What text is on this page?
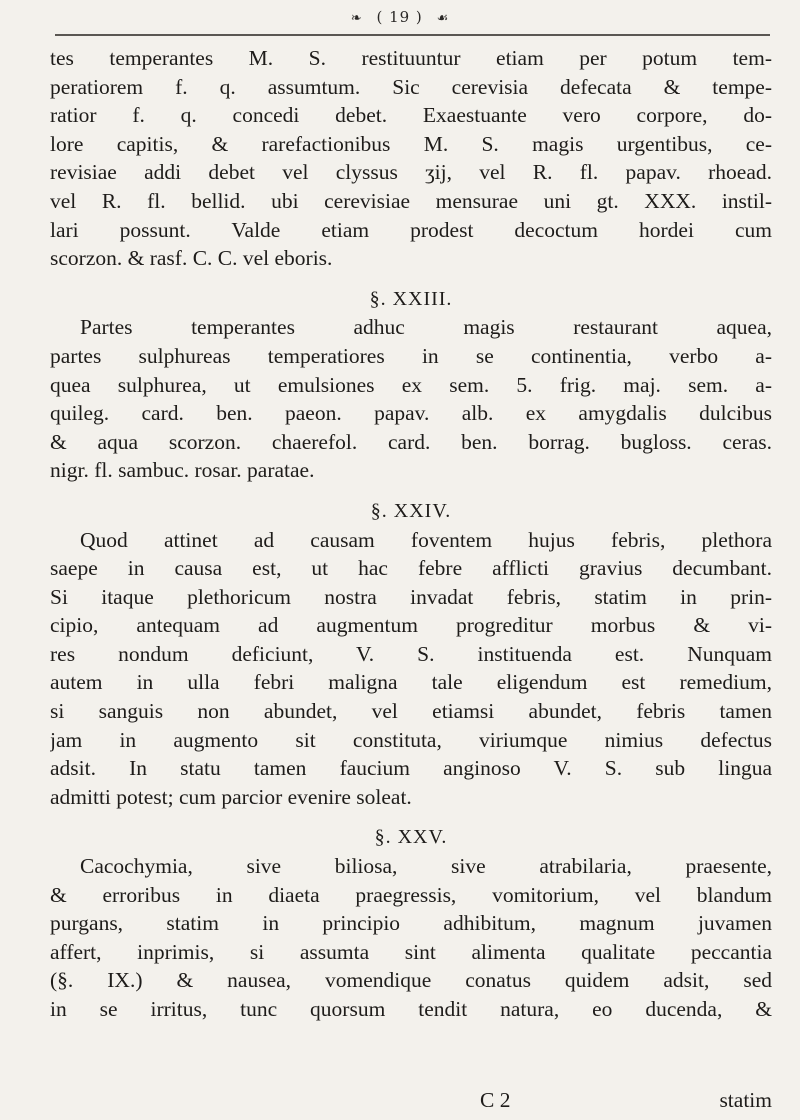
❧ ( 19 ) ☙
tes temperantes M. S. restituuntur etiam per potum tem-
peratiorem f. q. assumtum. Sic cerevisia defecata & tempe-
ratior f. q. concedi debet. Exaestuante vero corpore, do-
lore capitis, & rarefactionibus M. S. magis urgentibus, ce-
revisiae addi debet vel clyssus ʒij, vel R. fl. papav. rhoead.
vel R. fl. bellid. ubi cerevisiae mensurae uni gt. XXX. instil-
lari possunt. Valde etiam prodest decoctum hordei cum
scorzon. & rasf. C. C. vel eboris.
§. XXIII.
Partes temperantes adhuc magis restaurant aquea,
partes sulphureas temperatiores in se continentia, verbo a-
quea sulphurea, ut emulsiones ex sem. 5. frig. maj. sem. a-
quileg. card. ben. paeon. papav. alb. ex amygdalis dulcibus
& aqua scorzon. chaerefol. card. ben. borrag. bugloss. ceras.
nigr. fl. sambuc. rosar. paratae.
§. XXIV.
Quod attinet ad causam foventem hujus febris, plethora
saepe in causa est, ut hac febre afflicti gravius decumbant.
Si itaque plethoricum nostra invadat febris, statim in prin-
cipio, antequam ad augmentum progreditur morbus & vi-
res nondum deficiunt, V. S. instituenda est. Nunquam
autem in ulla febri maligna tale eligendum est remedium,
si sanguis non abundet, vel etiamsi abundet, febris tamen
jam in augmento sit constituta, viriumque nimius defectus
adsit. In statu tamen faucium anginoso V. S. sub lingua
admitti potest; cum parcior evenire soleat.
§. XXV.
Cacochymia, sive biliosa, sive atrabilaria, praesente,
& erroribus in diaeta praegressis, vomitorium, vel blandum
purgans, statim in principio adhibitum, magnum juvamen
affert, inprimis, si assumta sint alimenta qualitate peccantia
(§. IX.) & nausea, vomendique conatus quidem adsit, sed
in se irritus, tunc quorsum tendit natura, eo ducenda, &
C 2	statim
